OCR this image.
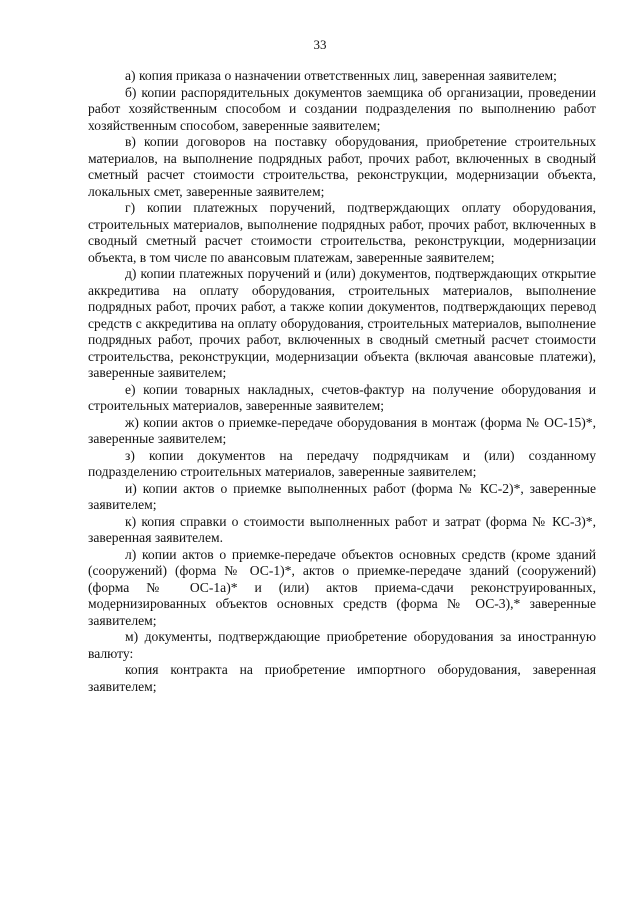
33

а) копия приказа о назначении ответственных лиц, заверенная заявителем;

б) копии распорядительных документов заемщика об организации, проведении работ хозяйственным способом и создании подразделения по выполнению работ хозяйственным способом, заверенные заявителем;

в) копии договоров на поставку оборудования, приобретение строительных материалов, на выполнение подрядных работ, прочих работ, включенных в сводный сметный расчет стоимости строительства, реконструкции, модернизации объекта, локальных смет, заверенные заявителем;

г) копии платежных поручений, подтверждающих оплату оборудования, строительных материалов, выполнение подрядных работ, прочих работ, включенных в сводный сметный расчет стоимости строительства, реконструкции, модернизации объекта, в том числе по авансовым платежам, заверенные заявителем;

д) копии платежных поручений и (или) документов, подтверждающих открытие аккредитива на оплату оборудования, строительных материалов, выполнение подрядных работ, прочих работ, а также копии документов, подтверждающих перевод средств с аккредитива на оплату оборудования, строительных материалов, выполнение подрядных работ, прочих работ, включенных в сводный сметный расчет стоимости строительства, реконструкции, модернизации объекта (включая авансовые платежи), заверенные заявителем;

е) копии товарных накладных, счетов-фактур на получение оборудования и строительных материалов, заверенные заявителем;

ж) копии актов о приемке-передаче оборудования в монтаж (форма № ОС-15)*, заверенные заявителем;

з) копии документов на передачу подрядчикам и (или) созданному подразделению строительных материалов, заверенные заявителем;

и) копии актов о приемке выполненных работ (форма № КС-2)*, заверенные заявителем;

к) копия справки о стоимости выполненных работ и затрат (форма № КС-3)*, заверенная заявителем.

л) копии актов о приемке-передаче объектов основных средств (кроме зданий (сооружений) (форма № ОС-1)*, актов о приемке-передаче зданий (сооружений) (форма № ОС-1а)* и (или) актов приема-сдачи реконструированных, модернизированных объектов основных средств (форма № ОС-3),* заверенные заявителем;

м) документы, подтверждающие приобретение оборудования за иностранную валюту:

копия контракта на приобретение импортного оборудования, заверенная заявителем;
